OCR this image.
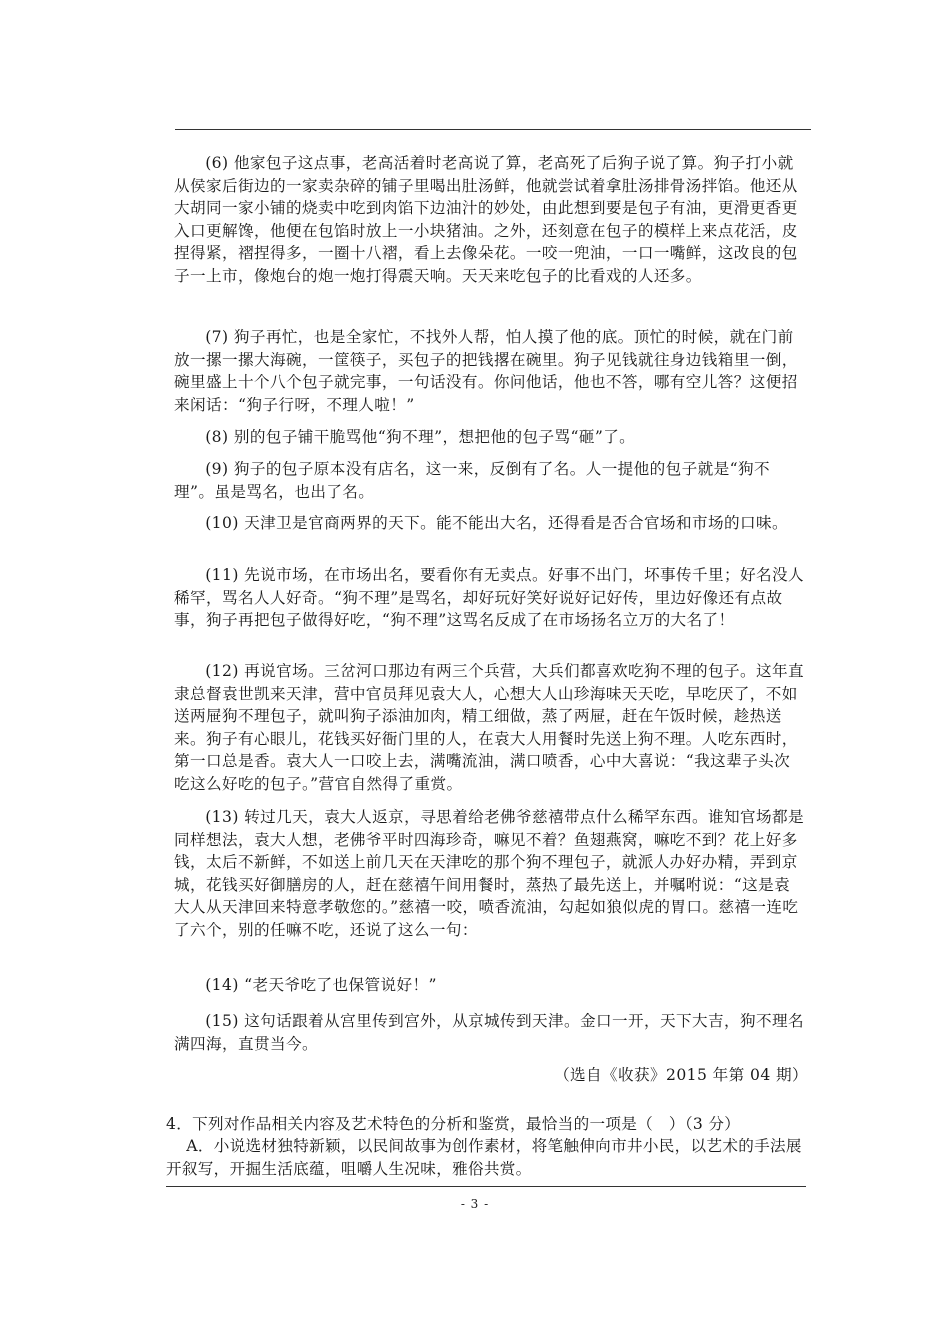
(6) 他家包子这点事，老高活着时老高说了算，老高死了后狗子说了算。狗子打小就从侯家后街边的一家卖杂碎的铺子里喝出肚汤鲜，他就尝试着拿肚汤排骨汤拌馅。他还从大胡同一家小铺的烧卖中吃到肉馅下边油汁的妙处，由此想到要是包子有油，更滑更香更入口更解馋，他便在包馅时放上一小块猪油。之外，还刻意在包子的模样上来点花活，皮捏得紧，褶捏得多，一圈十八褶，看上去像朵花。一咬一兜油，一口一嘴鲜，这改良的包子一上市，像炮台的炮一炮打得震天响。天天来吃包子的比看戏的人还多。

(7) 狗子再忙，也是全家忙，不找外人帮，怕人摸了他的底。顶忙的时候，就在门前放一摞一摞大海碗，一筐筷子，买包子的把钱撂在碗里。狗子见钱就往身边钱箱里一倒，碗里盛上十个八个包子就完事，一句话没有。你问他话，他也不答，哪有空儿答？这便招来闲话：“狗子行呀，不理人啦！”

(8) 别的包子铺干脆骂他“狗不理”，想把他的包子骂“砸”了。

(9) 狗子的包子原本没有店名，这一来，反倒有了名。人一提他的包子就是“狗不理”。虽是骂名，也出了名。

(10) 天津卫是官商两界的天下。能不能出大名，还得看是否合官场和市场的口味。

(11) 先说市场，在市场出名，要看你有无卖点。好事不出门，坏事传千里；好名没人稀罕，骂名人人好奇。“狗不理”是骂名，却好玩好笑好说好记好传，里边好像还有点故事，狗子再把包子做得好吃，“狗不理”这骂名反成了在市场扬名立万的大名了！

(12) 再说官场。三岔河口那边有两三个兵营，大兵们都喜欢吃狗不理的包子。这年直隶总督袁世凯来天津，营中官员拜见袁大人，心想大人山珍海味天天吃，早吃厌了，不如送两屉狗不理包子，就叫狗子添油加肉，精工细做，蒸了两屉，赶在午饭时候，趁热送来。狗子有心眼儿，花钱买好衙门里的人，在袁大人用餐时先送上狗不理。人吃东西时，第一口总是香。袁大人一口咬上去，满嘴流油，满口喷香，心中大喜说：“我这辈子头次吃这么好吃的包子。”营官自然得了重赏。

(13) 转过几天，袁大人返京，寻思着给老佛爷慈禧带点什么稀罕东西。谁知官场都是同样想法，袁大人想，老佛爷平时四海珍奇，嘛见不着？鱼翅燕窝，嘛吃不到？花上好多钱，太后不新鲜，不如送上前几天在天津吃的那个狗不理包子，就派人办好办精，弄到京城，花钱买好御膳房的人，赶在慈禧午间用餐时，蒸热了最先送上，并嘱咐说：“这是袁大人从天津回来特意孝敬您的。”慈禧一咬，喷香流油，勾起如狼似虎的胃口。慈禧一连吃了六个，别的任嘛不吃，还说了这么一句：

(14) “老天爷吃了也保管说好！”

(15) 这句话跟着从宫里传到宫外，从京城传到天津。金口一开，天下大吉，狗不理名满四海，直贯当今。

（选自《收获》2015 年第 04 期）
4．下列对作品相关内容及艺术特色的分析和鉴赏，最恰当的一项是（　）（3 分）
A．小说选材独特新颖，以民间故事为创作素材，将笔触伸向市井小民，以艺术的手法展开叙写，开掘生活底蕴，咀嚼人生况味，雅俗共赏。
- 3 -
